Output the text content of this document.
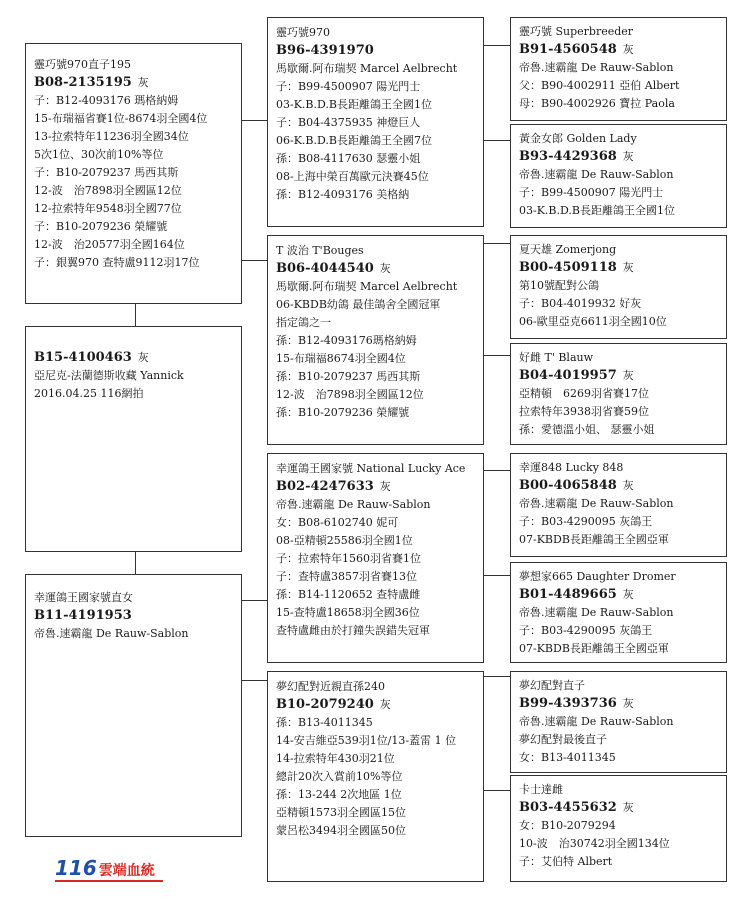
靈巧號970直子195
B08-2135195 灰
子：B12-4093176 瑪格納姆
15-布瑞福省賽1位-8674羽全國4位
13-拉索特年11236羽全國34位
5次1位、30次前10%等位
子：B10-2079237 馬西其斯
12-波　治7898羽全國區12位
12-拉索特年9548羽全國77位
子：B10-2079236 榮耀號
12-波　治20577羽全國164位
子：銀翼970 查特盧9112羽17位
B15-4100463 灰
亞尼克-法蘭德斯收藏 Yannick
2016.04.25 116網拍
幸運鴿王國家號直女
B11-4191953
帝魯.速霸龍 De Rauw-Sablon
靈巧號970
B96-4391970
馬歇爾.阿布瑞契 Marcel Aelbrecht
子：B99-4500907 陽光門士
03-K.B.D.B長距離鴿王全國1位
子：B04-4375935 神燈巨人
06-K.B.D.B長距離鴿王全國7位
孫：B08-4117630 瑟靈小姐
08-上海中榮百萬歐元決賽45位
孫：B12-4093176 美格納
T 波治 T'Bouges
B06-4044540 灰
馬歇爾.阿布瑞契 Marcel Aelbrecht
06-KBDB幼鴿 最佳鴿舍全國冠軍
指定鴿之一
孫：B12-4093176瑪格納姆
15-布瑞福8674羽全國4位
孫：B10-2079237 馬西其斯
12-波　治7898羽全國區12位
孫：B10-2079236 榮耀號
幸運鴿王國家號 National Lucky Ace
B02-4247633 灰
帝魯.速霸龍 De Rauw-Sablon
女：B08-6102740 妮可
08-亞精頓25586羽全國1位
子：拉索特年1560羽省賽1位
子：查特盧3857羽省賽13位
孫：B14-1120652 查特盧雌
15-查特盧18658羽全國36位
查特盧雌由於打鐘失誤錯失冠軍
夢幻配對近親直孫240
B10-2079240 灰
孫：B13-4011345
14-安吉維亞539羽1位/13-蓋雷 1 位
14-拉索特年430羽21位
總計20次入賞前10%等位
孫：13-244 2次地區 1位
亞精頓1573羽全國區15位
蒙呂松3494羽全國區50位
靈巧號 Superbreeder
B91-4560548 灰
帝魯.速霸龍 De Rauw-Sablon
父：B90-4002911 亞伯 Albert
母：B90-4002926 寶拉 Paola
黃金女郎 Golden Lady
B93-4429368 灰
帝魯.速霸龍 De Rauw-Sablon
子：B99-4500907 陽光門士
03-K.B.D.B長距離鴿王全國1位
夏天雄 Zomerjong
B00-4509118 灰
第10號配對公鴿
子：B04-4019932 好灰
06-歐里亞克6611羽全國10位
好雌 T' Blauw
B04-4019957 灰
亞精頓　6269羽省賽17位
拉索特年3938羽省賽59位
孫：愛德溫小姐、 瑟靈小姐
幸運848 Lucky 848
B00-4065848 灰
帝魯.速霸龍 De Rauw-Sablon
子：B03-4290095 灰鴿王
07-KBDB長距離鴿王全國亞軍
夢想家665 Daughter Dromer
B01-4489665 灰
帝魯.速霸龍 De Rauw-Sablon
子：B03-4290095 灰鴿王
07-KBDB長距離鴿王全國亞軍
夢幻配對直子
B99-4393736 灰
帝魯.速霸龍 De Rauw-Sablon
夢幻配對最後直子
女：B13-4011345
卡士達雌
B03-4455632 灰
女：B10-2079294
10-波　治30742羽全國134位
子：艾伯特 Albert
116 雲端血統
